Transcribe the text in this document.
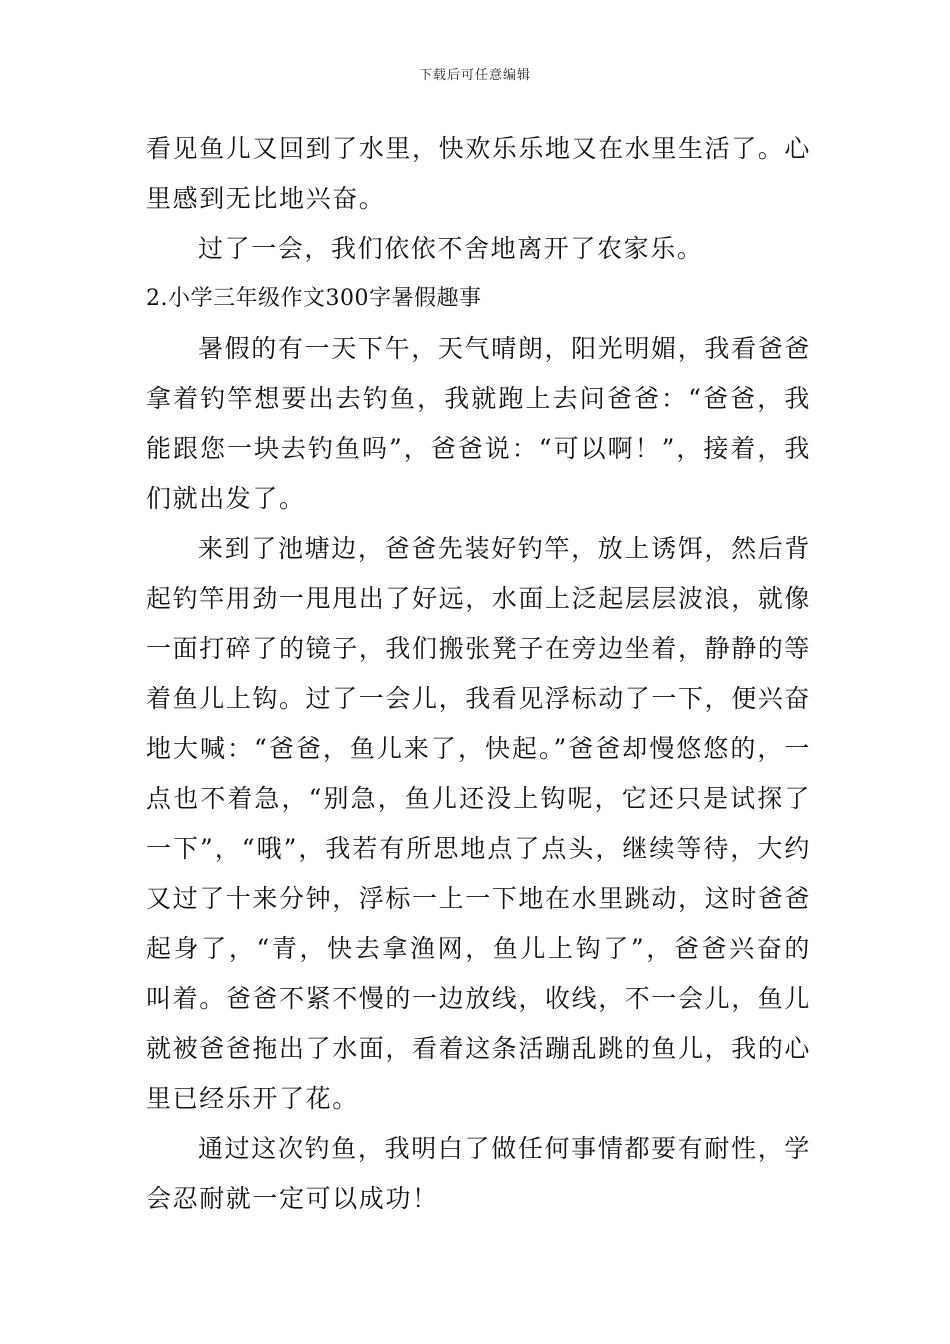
下载后可任意编辑

看见鱼儿又回到了水里，快欢乐乐地又在水里生活了。心里感到无比地兴奋。

过了一会，我们依依不舍地离开了农家乐。

2.小学三年级作文300字暑假趣事

暑假的有一天下午，天气晴朗，阳光明媚，我看爸爸拿着钓竿想要出去钓鱼，我就跑上去问爸爸：“爸爸，我能跟您一块去钓鱼吗”，爸爸说：“可以啊！”，接着，我们就出发了。

来到了池塘边，爸爸先装好钓竿，放上诱饵，然后背起钓竿用劲一甩甩出了好远，水面上泛起层层波浪，就像一面打碎了的镜子，我们搬张凳子在旁边坐着，静静的等着鱼儿上钩。过了一会儿，我看见浮标动了一下，便兴奋地大喊：“爸爸，鱼儿来了，快起。”爸爸却慢悠悠的，一点也不着急，“别急，鱼儿还没上钩呢，它还只是试探了一下”，“哦”，我若有所思地点了点头，继续等待，大约又过了十来分钟，浮标一上一下地在水里跳动，这时爸爸起身了，“青，快去拿渔网，鱼儿上钩了”，爸爸兴奋的叫着。爸爸不紧不慢的一边放线，收线，不一会儿，鱼儿就被爸爸拖出了水面，看着这条活蹦乱跳的鱼儿，我的心里已经乐开了花。

通过这次钓鱼，我明白了做任何事情都要有耐性，学会忍耐就一定可以成功！
